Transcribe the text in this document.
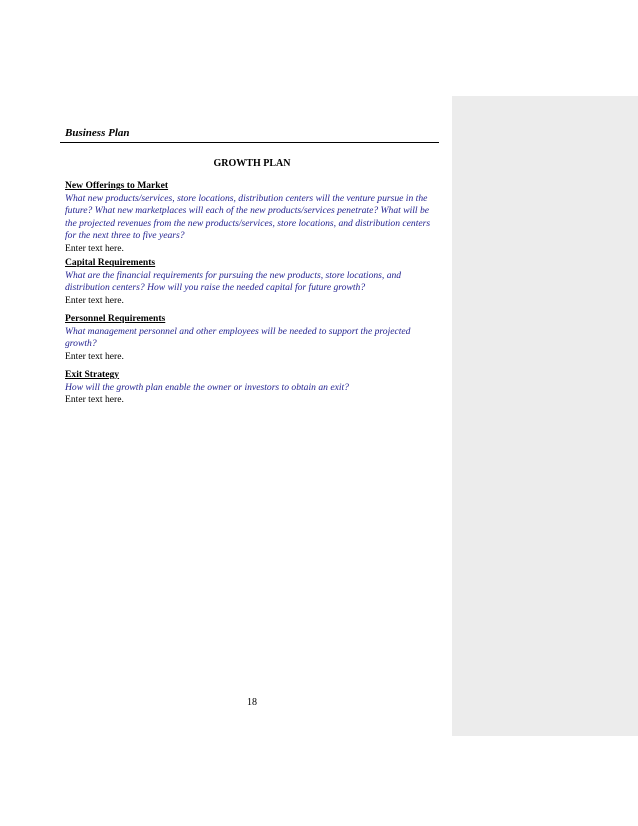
Business Plan
GROWTH PLAN
New Offerings to Market
What new products/services, store locations, distribution centers will the venture pursue in the
future? What new marketplaces will each of the new products/services penetrate? What will be
the projected revenues from the new products/services, store locations, and distribution centers
for the next three to five years?
Enter text here.
Capital Requirements
What are the financial requirements for pursuing the new products, store locations, and
distribution centers? How will you raise the needed capital for future growth?
Enter text here.
Personnel Requirements
What management personnel and other employees will be needed to support the projected
growth?
Enter text here.
Exit Strategy
How will the growth plan enable the owner or investors to obtain an exit?
Enter text here.
18
